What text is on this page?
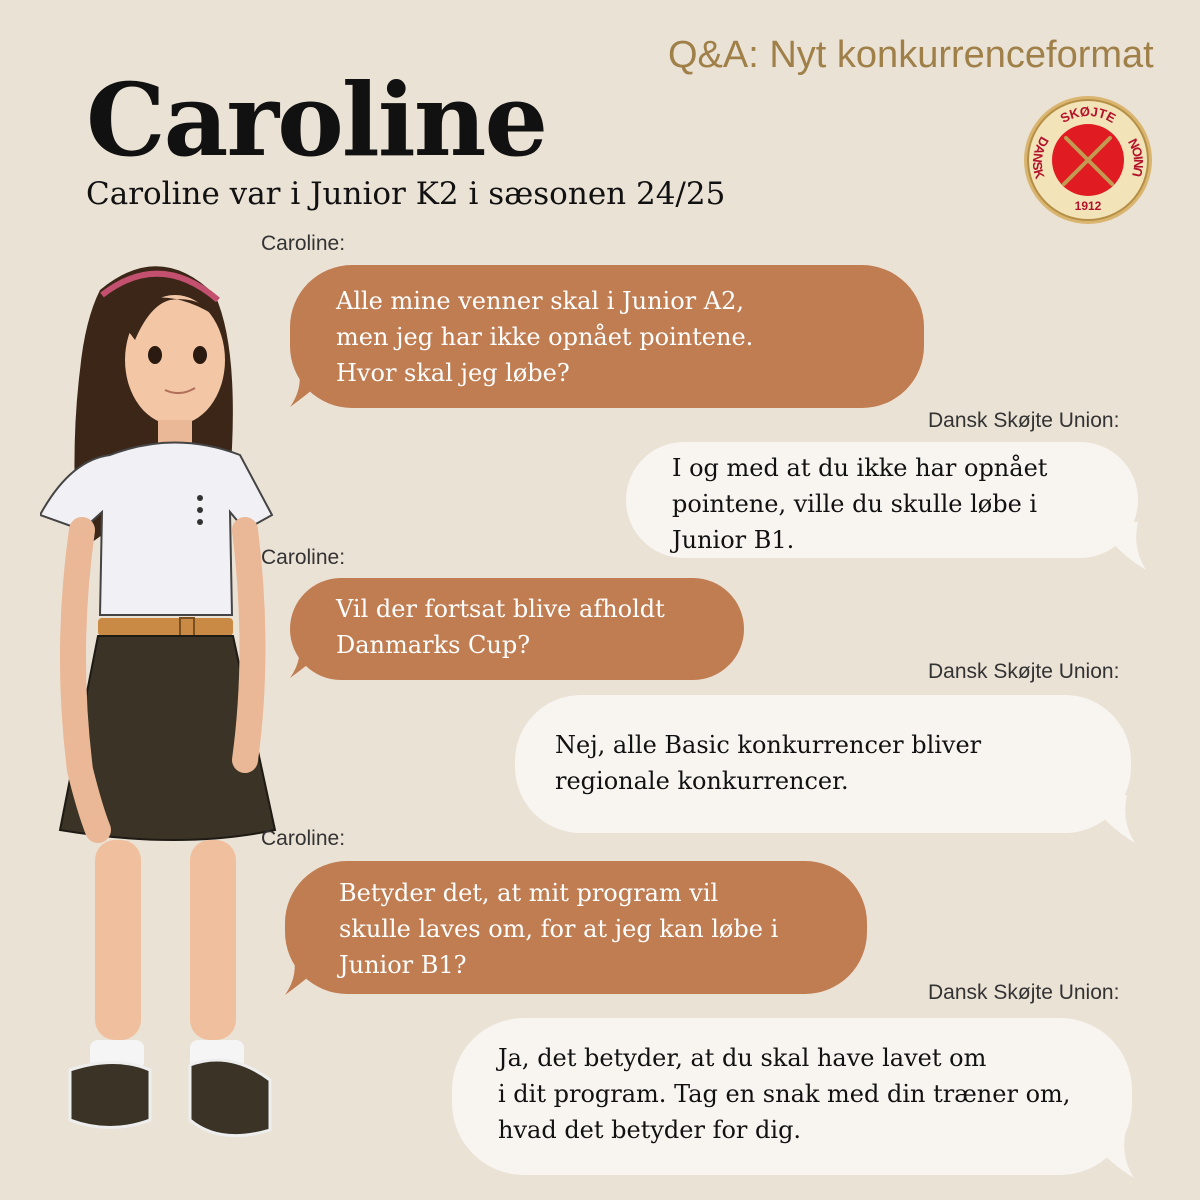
Q&A: Nyt konkurrenceformat
Caroline
Caroline var i Junior K2 i sæsonen 24/25
SKØJTE
DANSK	UNION
1912
Caroline:
Alle mine venner skal i Junior A2,
men jeg har ikke opnået pointene.
Hvor skal jeg løbe?
Dansk Skøjte Union:
I og med at du ikke har opnået
pointene, ville du skulle løbe i
Junior B1.
Caroline:
Vil der fortsat blive afholdt
Danmarks Cup?
Dansk Skøjte Union:
Nej, alle Basic konkurrencer bliver
regionale konkurrencer.
Caroline:
Betyder det, at mit program vil
skulle laves om, for at jeg kan løbe i
Junior B1?
Dansk Skøjte Union:
Ja, det betyder, at du skal have lavet om
i dit program. Tag en snak med din træner om,
hvad det betyder for dig.
